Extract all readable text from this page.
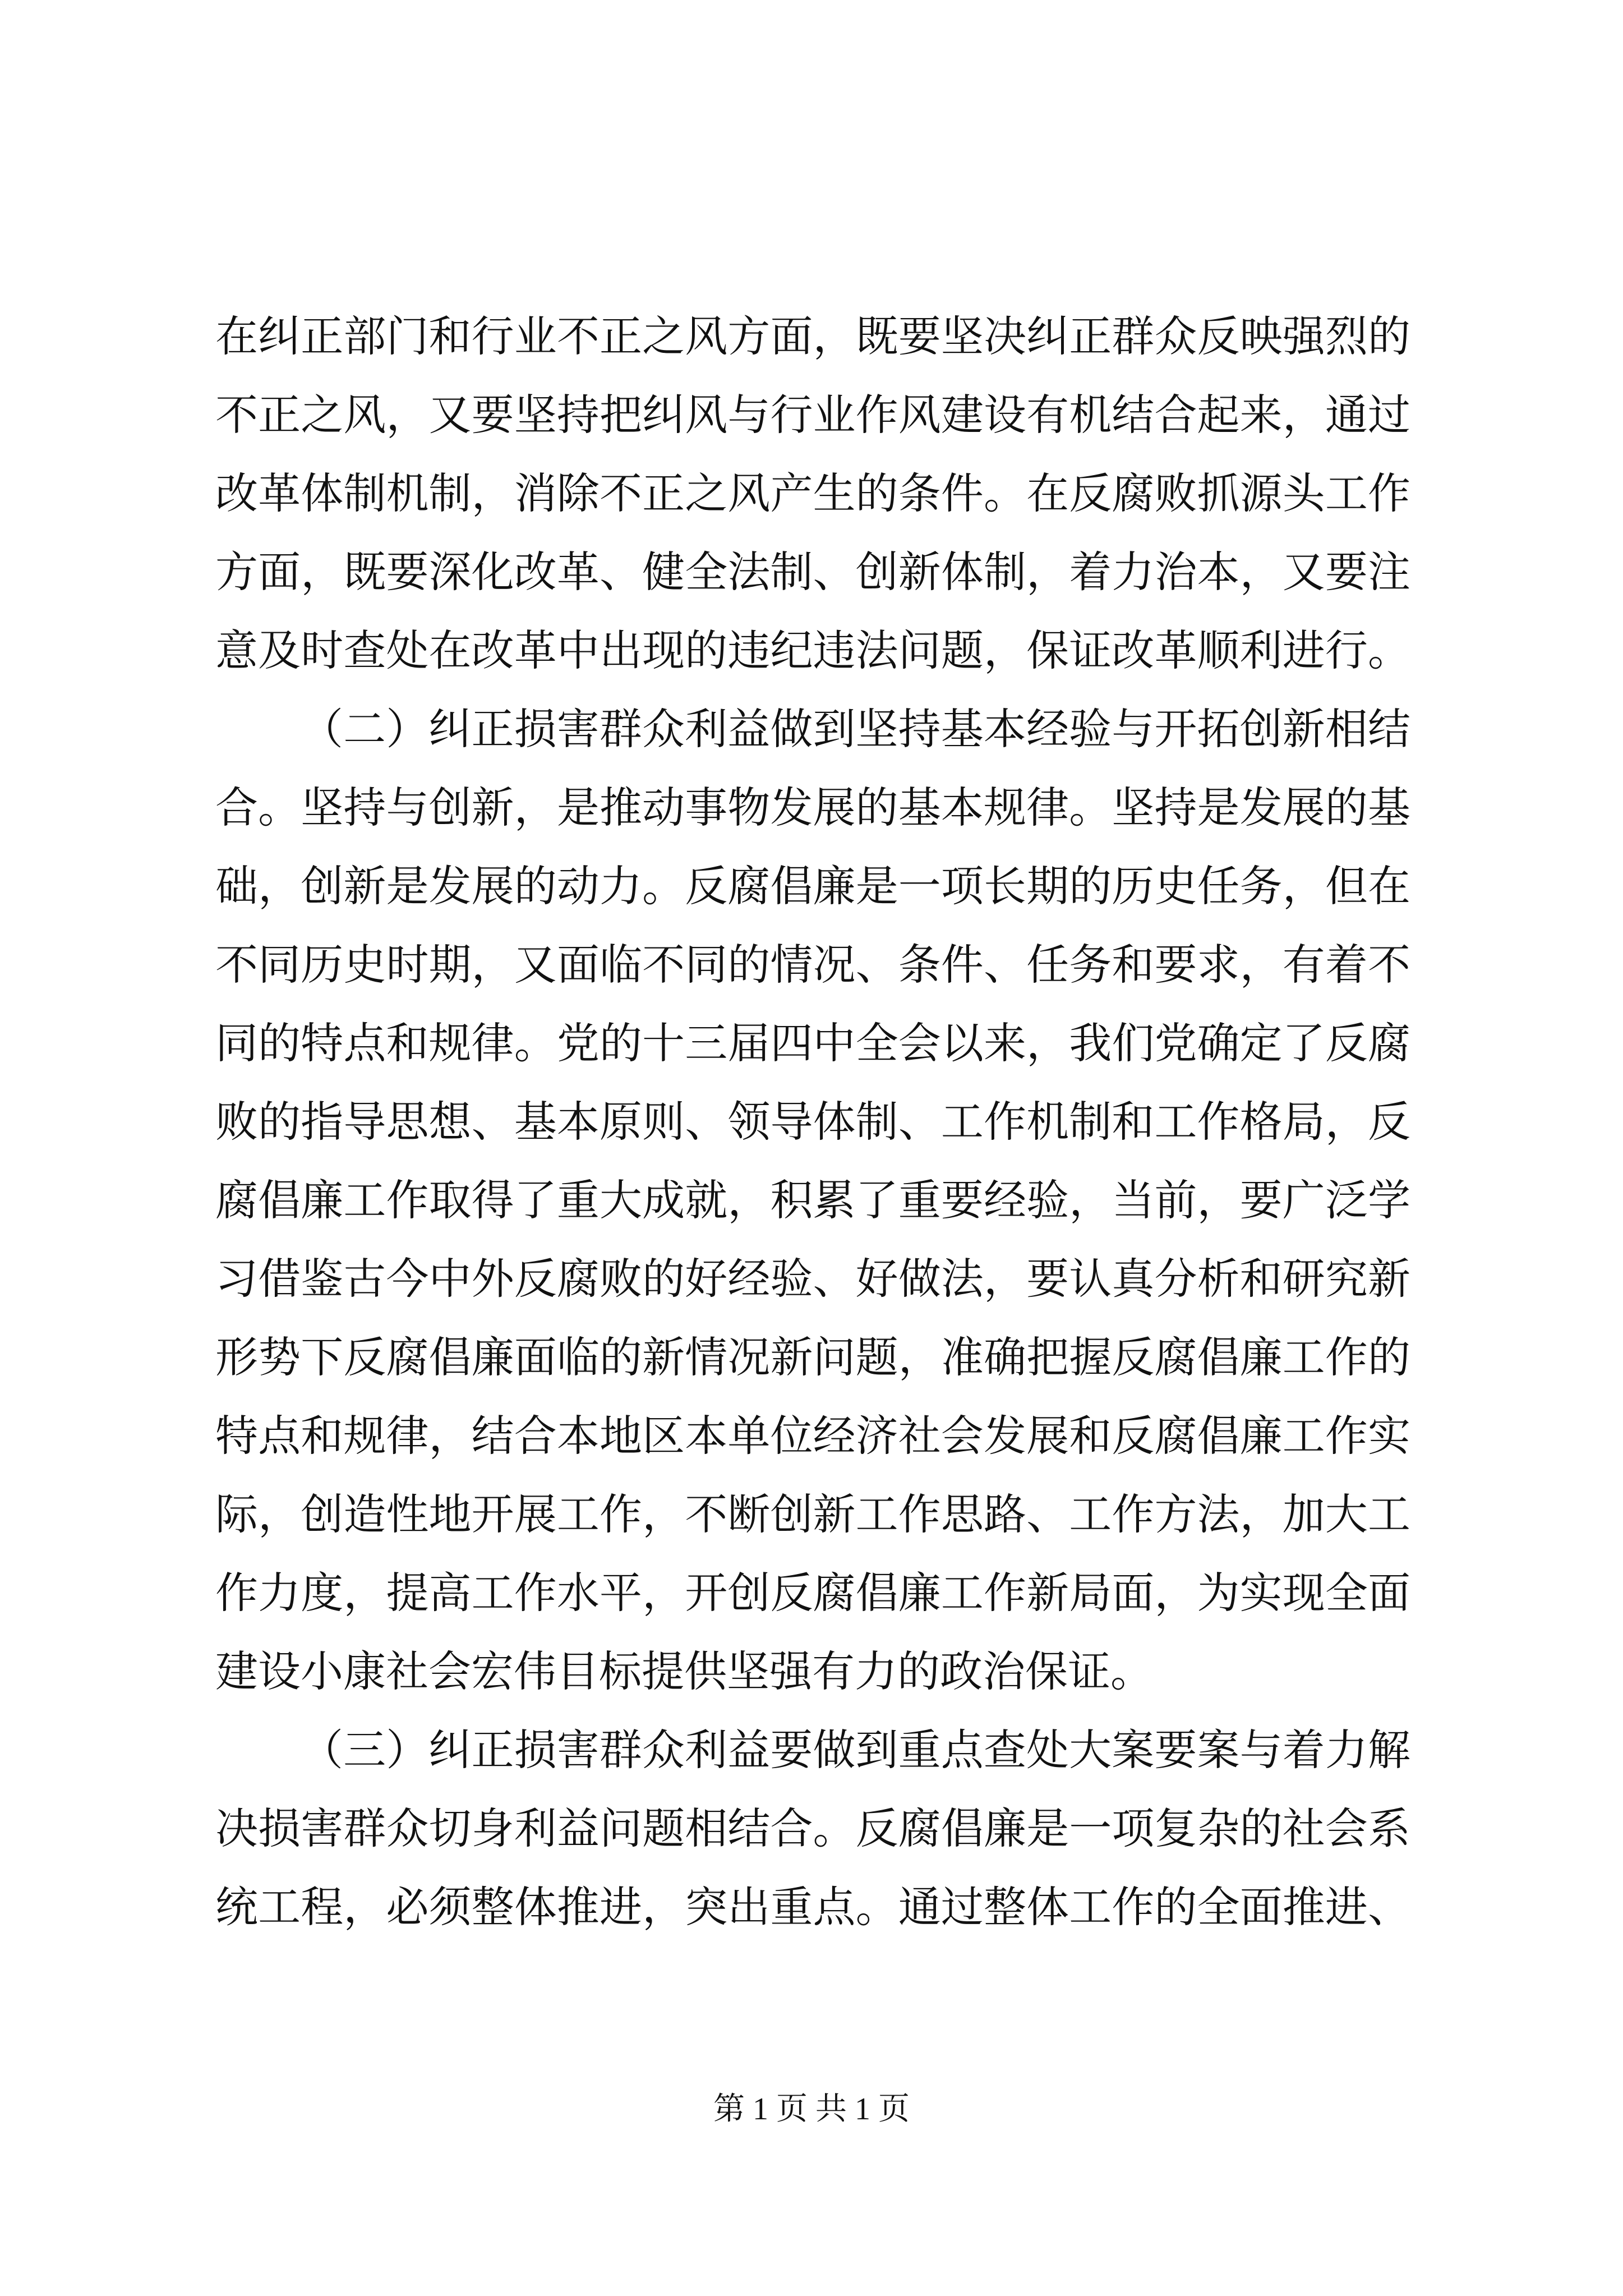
在纠正部门和行业不正之风方面，既要坚决纠正群众反映强烈的
不正之风，又要坚持把纠风与行业作风建设有机结合起来，通过
改革体制机制，消除不正之风产生的条件。在反腐败抓源头工作
方面，既要深化改革、健全法制、创新体制，着力治本，又要注
意及时查处在改革中出现的违纪违法问题，保证改革顺利进行。
（二）纠正损害群众利益做到坚持基本经验与开拓创新相结
合。坚持与创新，是推动事物发展的基本规律。坚持是发展的基
础，创新是发展的动力。反腐倡廉是一项长期的历史任务，但在
不同历史时期，又面临不同的情况、条件、任务和要求，有着不
同的特点和规律。党的十三届四中全会以来，我们党确定了反腐
败的指导思想、基本原则、领导体制、工作机制和工作格局，反
腐倡廉工作取得了重大成就，积累了重要经验，当前，要广泛学
习借鉴古今中外反腐败的好经验、好做法，要认真分析和研究新
形势下反腐倡廉面临的新情况新问题，准确把握反腐倡廉工作的
特点和规律，结合本地区本单位经济社会发展和反腐倡廉工作实
际，创造性地开展工作，不断创新工作思路、工作方法，加大工
作力度，提高工作水平，开创反腐倡廉工作新局面，为实现全面
建设小康社会宏伟目标提供坚强有力的政治保证。
（三）纠正损害群众利益要做到重点查处大案要案与着力解
决损害群众切身利益问题相结合。反腐倡廉是一项复杂的社会系
统工程，必须整体推进，突出重点。通过整体工作的全面推进、
第 1 页 共 1 页
